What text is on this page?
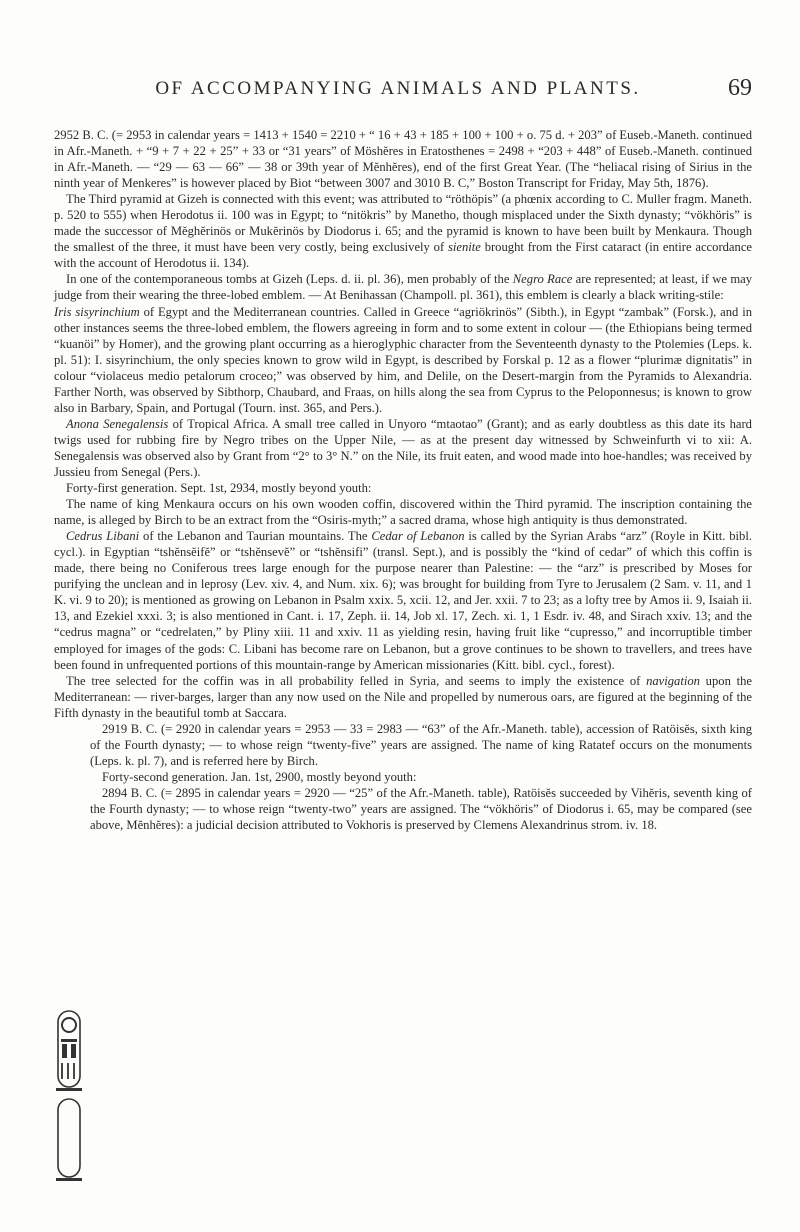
OF ACCOMPANYING ANIMALS AND PLANTS.	69

2952 B. C. (= 2953 in calendar years = 1413 + 1540 = 2210 + “ 16 + 43 + 185 + 100 + 100 + o. 75 d. + 203” of Euseb.-Maneth. continued in Afr.-Maneth. + “9 + 7 + 22 + 25” + 33 or “31 years” of Möshĕres in Eratosthenes = 2498 + “203 + 448” of Euseb.-Maneth. continued in Afr.-Maneth. — “29 — 63 — 66” — 38 or 39th year of Mĕnhĕres), end of the first Great Year. (The “heliacal rising of Sirius in the ninth year of Menkeres” is however placed by Biot “between 3007 and 3010 B. C,” Boston Transcript for Friday, May 5th, 1876).

The Third pyramid at Gizeh is connected with this event; was attributed to “röthöpis” (a phœnix according to C. Muller fragm. Maneth. p. 520 to 555) when Herodotus ii. 100 was in Egypt; to “nitökris” by Manetho, though misplaced under the Sixth dynasty; “vökhöris” is made the successor of Mĕghĕrinös or Mukĕrinös by Diodorus i. 65; and the pyramid is known to have been built by Menkaura. Though the smallest of the three, it must have been very costly, being exclusively of sienite brought from the First cataract (in entire accordance with the account of Herodotus ii. 134).

In one of the contemporaneous tombs at Gizeh (Leps. d. ii. pl. 36), men probably of the Negro Race are represented; at least, if we may judge from their wearing the three-lobed emblem. — At Benihassan (Champoll. pl. 361), this emblem is clearly a black writing-stile:

Iris sisyrinchium of Egypt and the Mediterranean countries. Called in Greece “agriökrinös” (Sibth.), in Egypt “zambak” (Forsk.), and in other instances seems the three-lobed emblem, the flowers agreeing in form and to some extent in colour — (the Ethiopians being termed “kuanöi” by Homer), and the growing plant occurring as a hieroglyphic character from the Seventeenth dynasty to the Ptolemies (Leps. k. pl. 51): I. sisyrinchium, the only species known to grow wild in Egypt, is described by Forskal p. 12 as a flower “plurimæ dignitatis” in colour “violaceus medio petalorum croceo;” was observed by him, and Delile, on the Desert-margin from the Pyramids to Alexandria. Farther North, was observed by Sibthorp, Chaubard, and Fraas, on hills along the sea from Cyprus to the Peloponnesus; is known to grow also in Barbary, Spain, and Portugal (Tourn. inst. 365, and Pers.).

Anona Senegalensis of Tropical Africa. A small tree called in Unyoro “mtaotao” (Grant); and as early doubtless as this date its hard twigs used for rubbing fire by Negro tribes on the Upper Nile, — as at the present day witnessed by Schweinfurth vi to xii: A. Senegalensis was observed also by Grant from “2° to 3° N.” on the Nile, its fruit eaten, and wood made into hoe-handles; was received by Jussieu from Senegal (Pers.).

Forty-first generation. Sept. 1st, 2934, mostly beyond youth:

The name of king Menkaura occurs on his own wooden coffin, discovered within the Third pyramid. The inscription containing the name, is alleged by Birch to be an extract from the “Osiris-myth;” a sacred drama, whose high antiquity is thus demonstrated.

Cedrus Libani of the Lebanon and Taurian mountains. The Cedar of Lebanon is called by the Syrian Arabs “arz” (Royle in Kitt. bibl. cycl.). in Egyptian “tshĕnsĕifĕ” or “tshĕnsevĕ” or “tshĕnsifi” (transl. Sept.), and is possibly the “kind of cedar” of which this coffin is made, there being no Coniferous trees large enough for the purpose nearer than Palestine: — the “arz” is prescribed by Moses for purifying the unclean and in leprosy (Lev. xiv. 4, and Num. xix. 6); was brought for building from Tyre to Jerusalem (2 Sam. v. 11, and 1 K. vi. 9 to 20); is mentioned as growing on Lebanon in Psalm xxix. 5, xcii. 12, and Jer. xxii. 7 to 23; as a lofty tree by Amos ii. 9, Isaiah ii. 13, and Ezekiel xxxi. 3; is also mentioned in Cant. i. 17, Zeph. ii. 14, Job xl. 17, Zech. xi. 1, 1 Esdr. iv. 48, and Sirach xxiv. 13; and the “cedrus magna” or “cedrelaten,” by Pliny xiii. 11 and xxiv. 11 as yielding resin, having fruit like “cupresso,” and incorruptible timber employed for images of the gods: C. Libani has become rare on Lebanon, but a grove continues to be shown to travellers, and trees have been found in unfrequented portions of this mountain-range by American missionaries (Kitt. bibl. cycl., forest).

The tree selected for the coffin was in all probability felled in Syria, and seems to imply the existence of navigation upon the Mediterranean: — river-barges, larger than any now used on the Nile and propelled by numerous oars, are figured at the beginning of the Fifth dynasty in the beautiful tomb at Saccara.

2919 B. C. (= 2920 in calendar years = 2953 — 33 = 2983 — “63” of the Afr.-Maneth. table), accession of Ratöisĕs, sixth king of the Fourth dynasty; — to whose reign “twenty-five” years are assigned. The name of king Ratatef occurs on the monuments (Leps. k. pl. 7), and is referred here by Birch.

Forty-second generation. Jan. 1st, 2900, mostly beyond youth:

2894 B. C. (= 2895 in calendar years = 2920 — “25” of the Afr.-Maneth. table), Ratöisĕs succeeded by Vihĕris, seventh king of the Fourth dynasty; — to whose reign “twenty-two” years are assigned. The “vökhöris” of Diodorus i. 65, may be compared (see above, Mĕnhĕres): a judicial decision attributed to Vokhoris is preserved by Clemens Alexandrinus strom. iv. 18.
